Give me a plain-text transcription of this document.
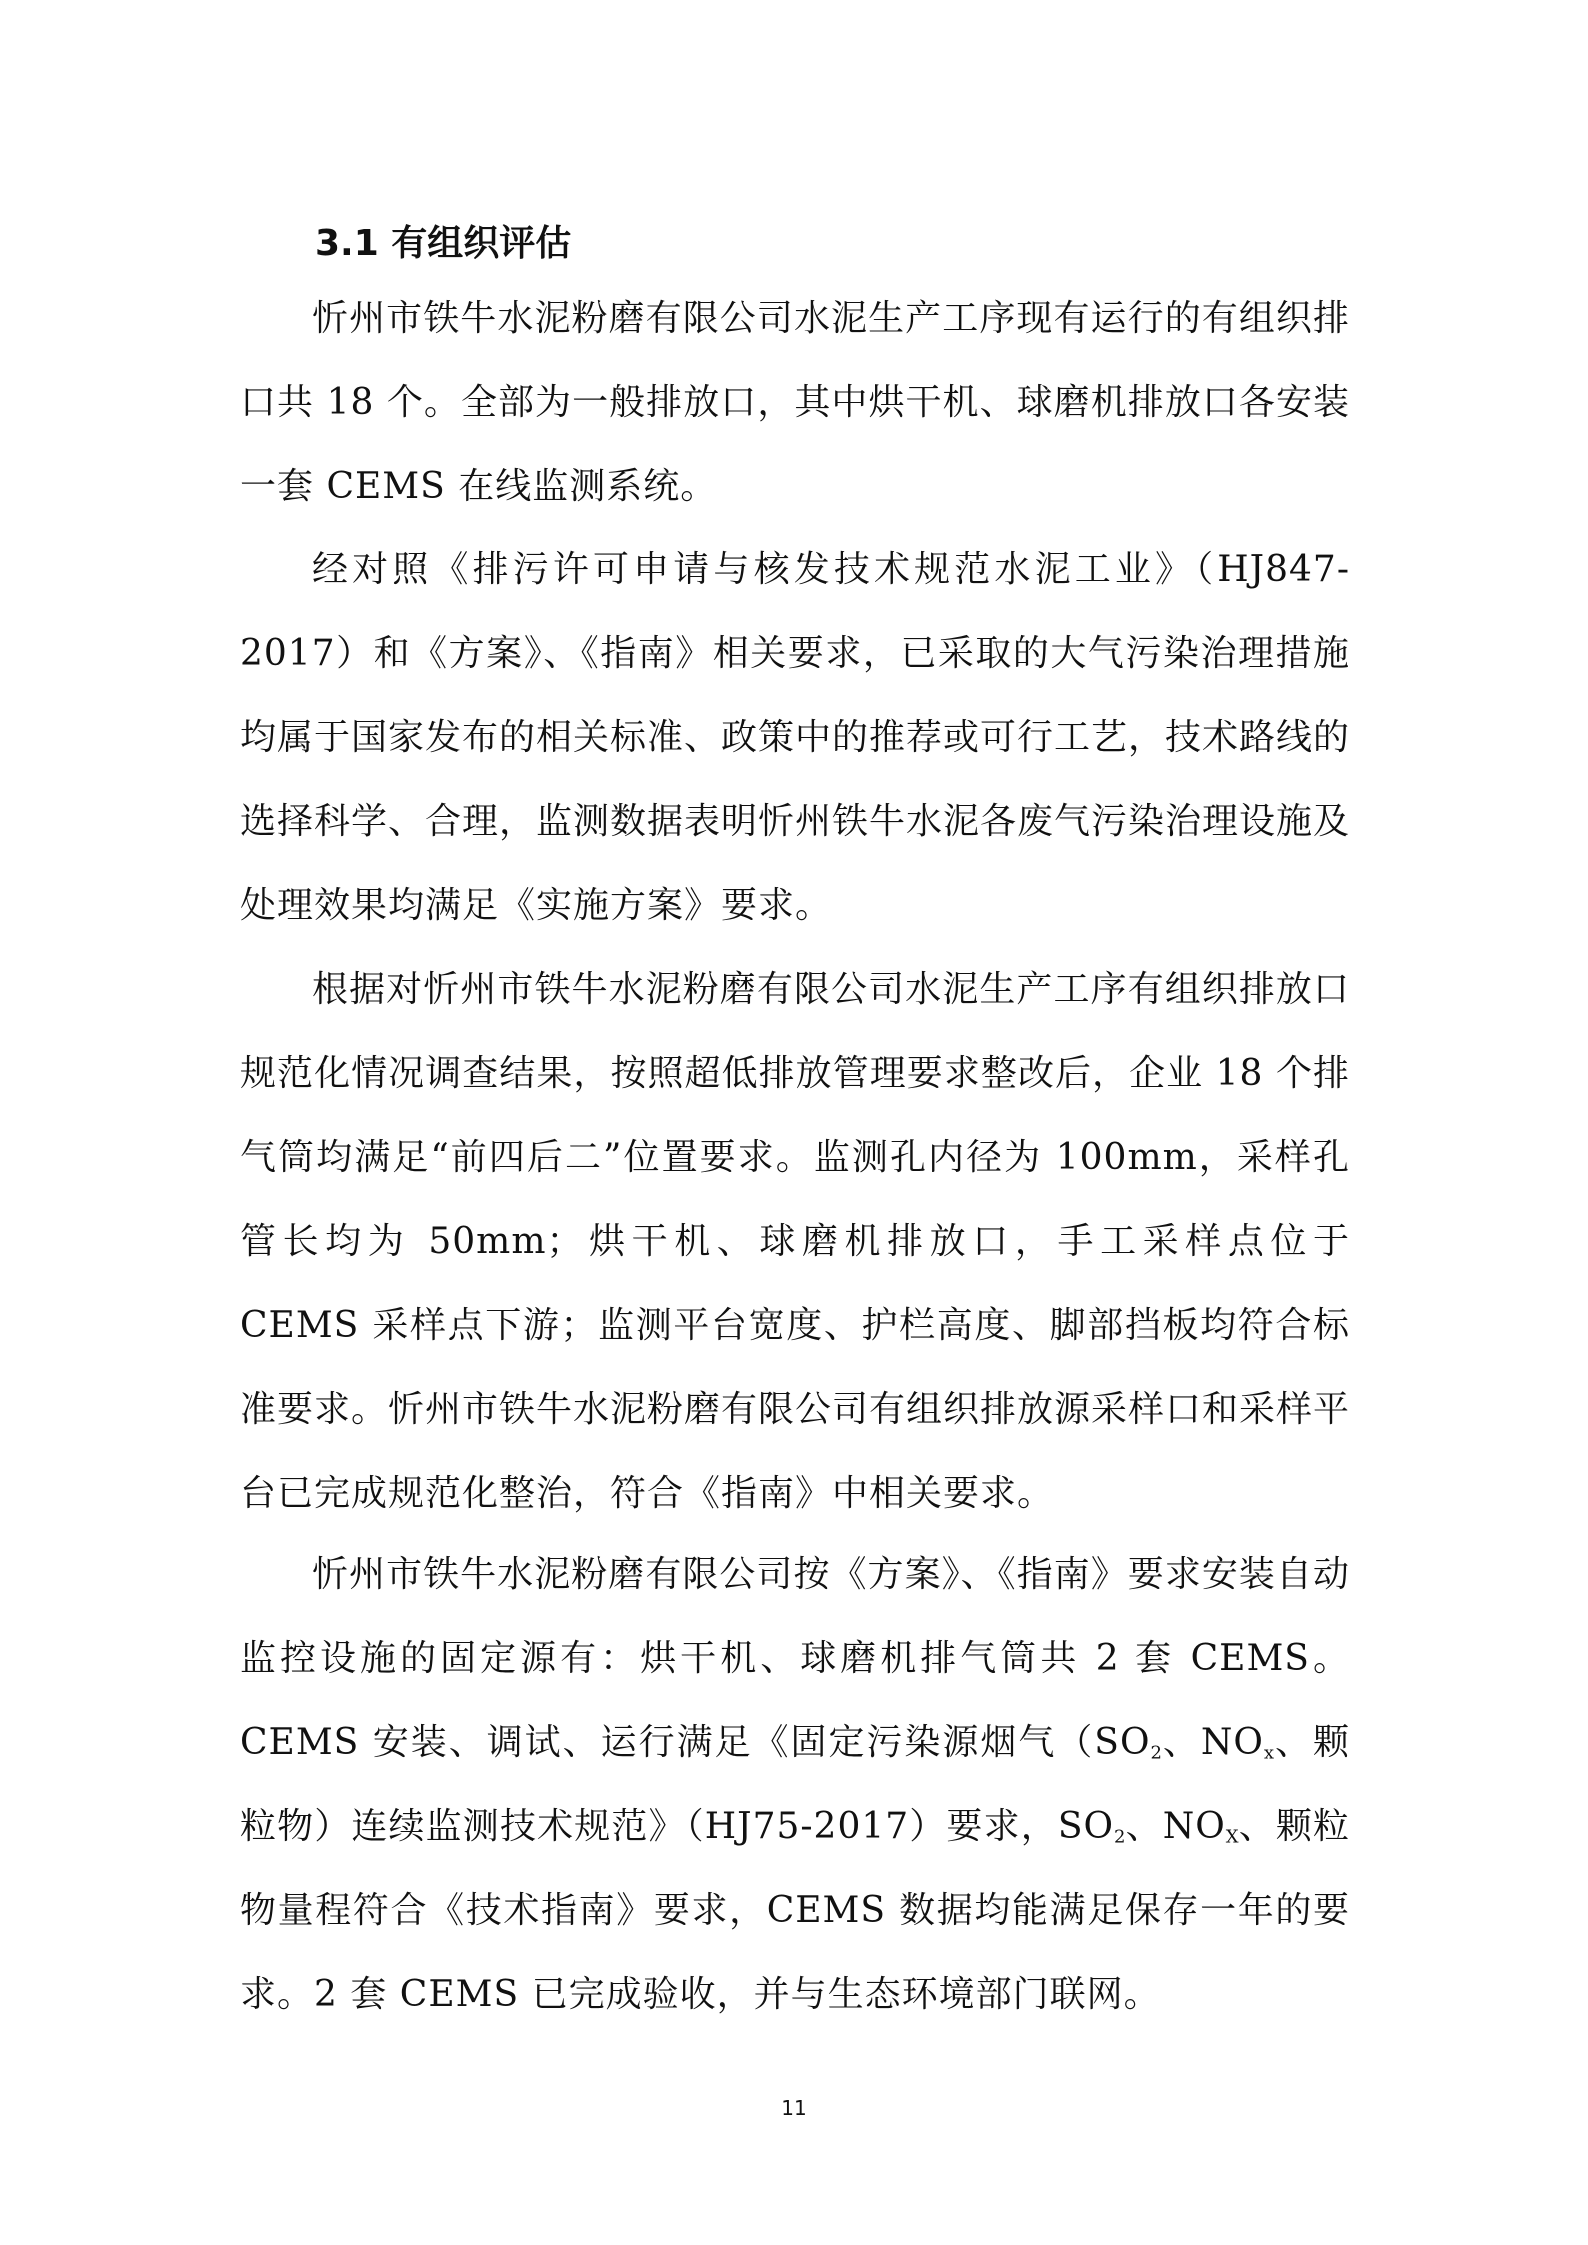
3.1 有组织评估

忻州市铁牛水泥粉磨有限公司水泥生产工序现有运行的有组织排口共 18 个。全部为一般排放口，其中烘干机、球磨机排放口各安装一套 CEMS 在线监测系统。

经对照《排污许可申请与核发技术规范水泥工业》（HJ847-2017）和《方案》、《指南》相关要求，已采取的大气污染治理措施均属于国家发布的相关标准、政策中的推荐或可行工艺，技术路线的选择科学、合理，监测数据表明忻州铁牛水泥各废气污染治理设施及处理效果均满足《实施方案》要求。

根据对忻州市铁牛水泥粉磨有限公司水泥生产工序有组织排放口规范化情况调查结果，按照超低排放管理要求整改后，企业 18 个排气筒均满足“前四后二”位置要求。监测孔内径为 100mm，采样孔管长均为 50mm；烘干机、球磨机排放口，手工采样点位于 CEMS 采样点下游；监测平台宽度、护栏高度、脚部挡板均符合标准要求。忻州市铁牛水泥粉磨有限公司有组织排放源采样口和采样平台已完成规范化整治，符合《指南》中相关要求。

忻州市铁牛水泥粉磨有限公司按《方案》、《指南》要求安装自动监控设施的固定源有：烘干机、球磨机排气筒共 2 套 CEMS。CEMS 安装、调试、运行满足《固定污染源烟气（$SO_2$、$NO_x$、颗粒物）连续监测技术规范》（HJ75-2017）要求，$SO_2$、$NO_X$、颗粒物量程符合《技术指南》要求，CEMS 数据均能满足保存一年的要求。2 套 CEMS 已完成验收，并与生态环境部门联网。

11
